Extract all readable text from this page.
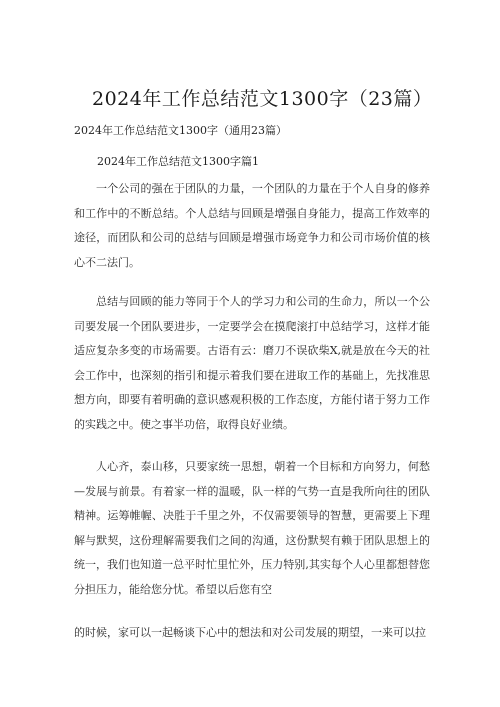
2024年工作总结范文1300字（23篇）
2024年工作总结范文1300字（通用23篇）
2024年工作总结范文1300字篇1

一个公司的强在于团队的力量，一个团队的力量在于个人自身的修养和工作中的不断总结。个人总结与回顾是增强自身能力，提高工作效率的途径，而团队和公司的总结与回顾是增强市场竞争力和公司市场价值的核心不二法门。

总结与回顾的能力等同于个人的学习力和公司的生命力，所以一个公司要发展一个团队要进步，一定要学会在摸爬滚打中总结学习，这样才能适应复杂多变的市场需要。古语有云：磨刀不误砍柴X,就是放在今天的社会工作中，也深刻的指引和提示着我们要在进取工作的基础上，先找准思想方向，即要有着明确的意识感观积极的工作态度，方能付诸于努力工作的实践之中。使之事半功倍，取得良好业绩。

人心齐，泰山移，只要家统一思想，朝着一个目标和方向努力，何愁—发展与前景。有着家一样的温暖，队一样的气势一直是我所向往的团队精神。运筹帷幄、决胜于千里之外，不仅需要领导的智慧，更需要上下理解与默契，这份理解需要我们之间的沟通，这份默契有赖于团队思想上的统一，我们也知道一总平时忙里忙外，压力特别,其实每个人心里都想替您分担压力，能给您分忧。希望以后您有空

的时候，家可以一起畅谈下心中的想法和对公司发展的期望，一来可以拉
